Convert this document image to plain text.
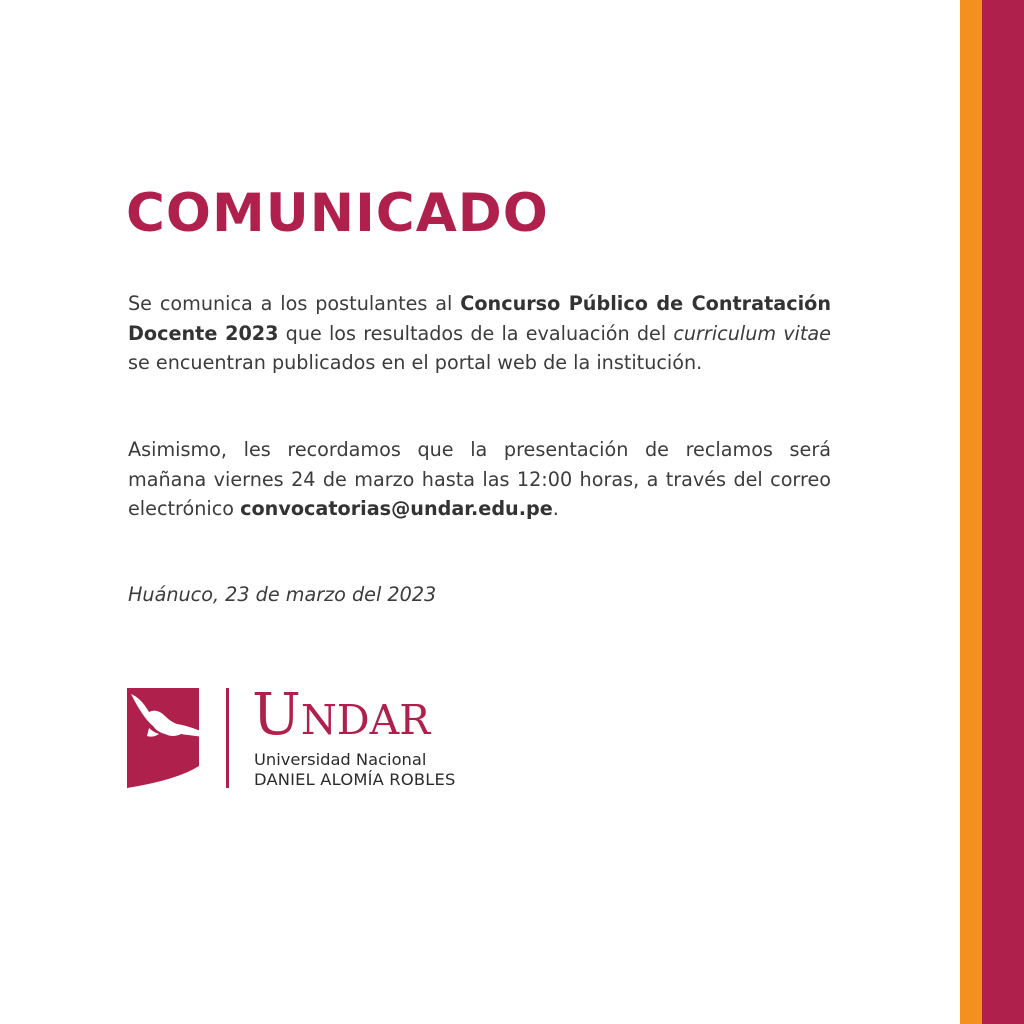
COMUNICADO

Se comunica a los postulantes al Concurso Público de Contratación Docente 2023 que los resultados de la evaluación del curriculum vitae se encuentran publicados en el portal web de la institución.

Asimismo, les recordamos que la presentación de reclamos será mañana viernes 24 de marzo hasta las 12:00 horas, a través del correo electrónico convocatorias@undar.edu.pe.

Huánuco, 23 de marzo del 2023

UNDAR

Universidad Nacional

DANIEL ALOMÍA ROBLES
